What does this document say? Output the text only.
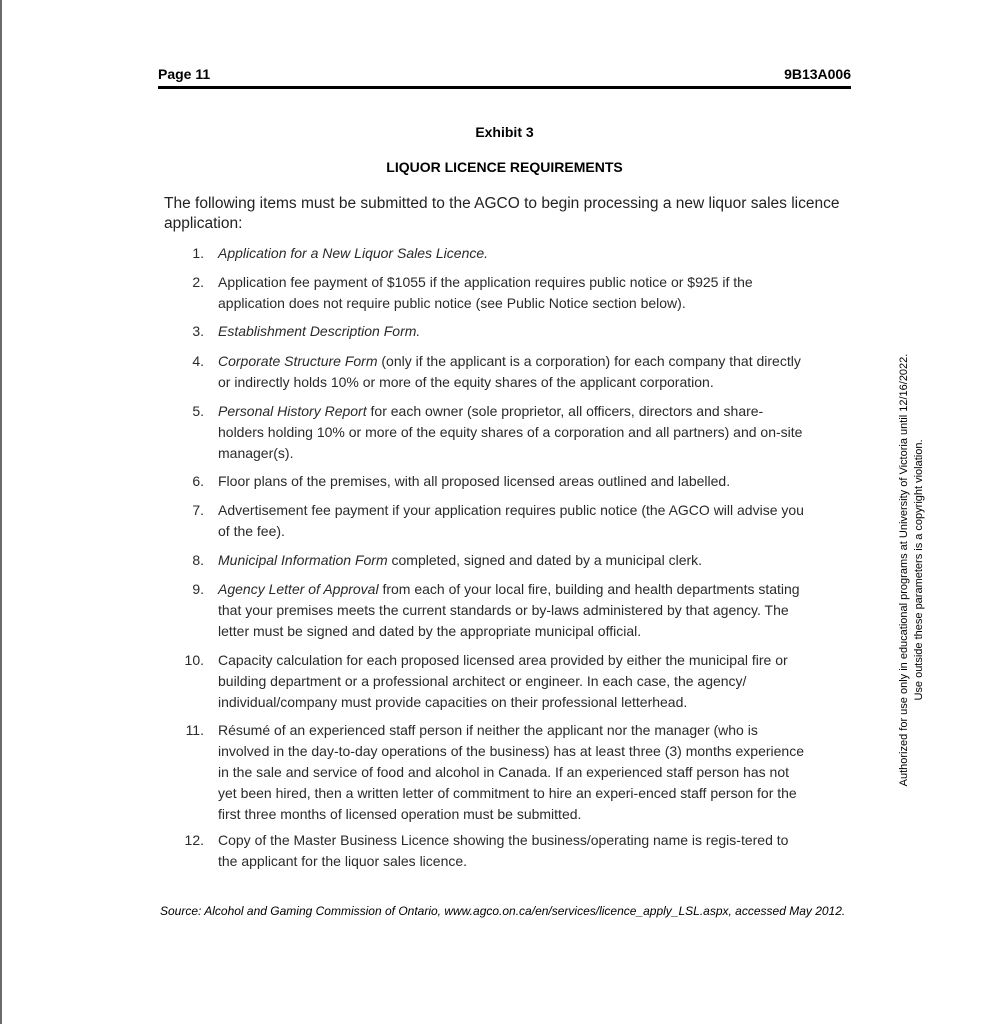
Page 11	9B13A006
Exhibit 3
LIQUOR LICENCE REQUIREMENTS
The following items must be submitted to the AGCO to begin processing a new liquor sales licence application:
1. Application for a New Liquor Sales Licence.
2. Application fee payment of $1055 if the application requires public notice or $925 if the application does not require public notice (see Public Notice section below).
3. Establishment Description Form.
4. Corporate Structure Form (only if the applicant is a corporation) for each company that directly or indirectly holds 10% or more of the equity shares of the applicant corporation.
5. Personal History Report for each owner (sole proprietor, all officers, directors and share-holders holding 10% or more of the equity shares of a corporation and all partners) and on-site manager(s).
6. Floor plans of the premises, with all proposed licensed areas outlined and labelled.
7. Advertisement fee payment if your application requires public notice (the AGCO will advise you of the fee).
8. Municipal Information Form completed, signed and dated by a municipal clerk.
9. Agency Letter of Approval from each of your local fire, building and health departments stating that your premises meets the current standards or by-laws administered by that agency. The letter must be signed and dated by the appropriate municipal official.
10. Capacity calculation for each proposed licensed area provided by either the municipal fire or building department or a professional architect or engineer. In each case, the agency/ individual/company must provide capacities on their professional letterhead.
11. Résumé of an experienced staff person if neither the applicant nor the manager (who is involved in the day-to-day operations of the business) has at least three (3) months experience in the sale and service of food and alcohol in Canada. If an experienced staff person has not yet been hired, then a written letter of commitment to hire an experi-enced staff person for the first three months of licensed operation must be submitted.
12. Copy of the Master Business Licence showing the business/operating name is regis-tered to the applicant for the liquor sales licence.
Source: Alcohol and Gaming Commission of Ontario, www.agco.on.ca/en/services/licence_apply_LSL.aspx, accessed May 2012.
Authorized for use only in educational programs at University of Victoria until 12/16/2022. Use outside these parameters is a copyright violation.
